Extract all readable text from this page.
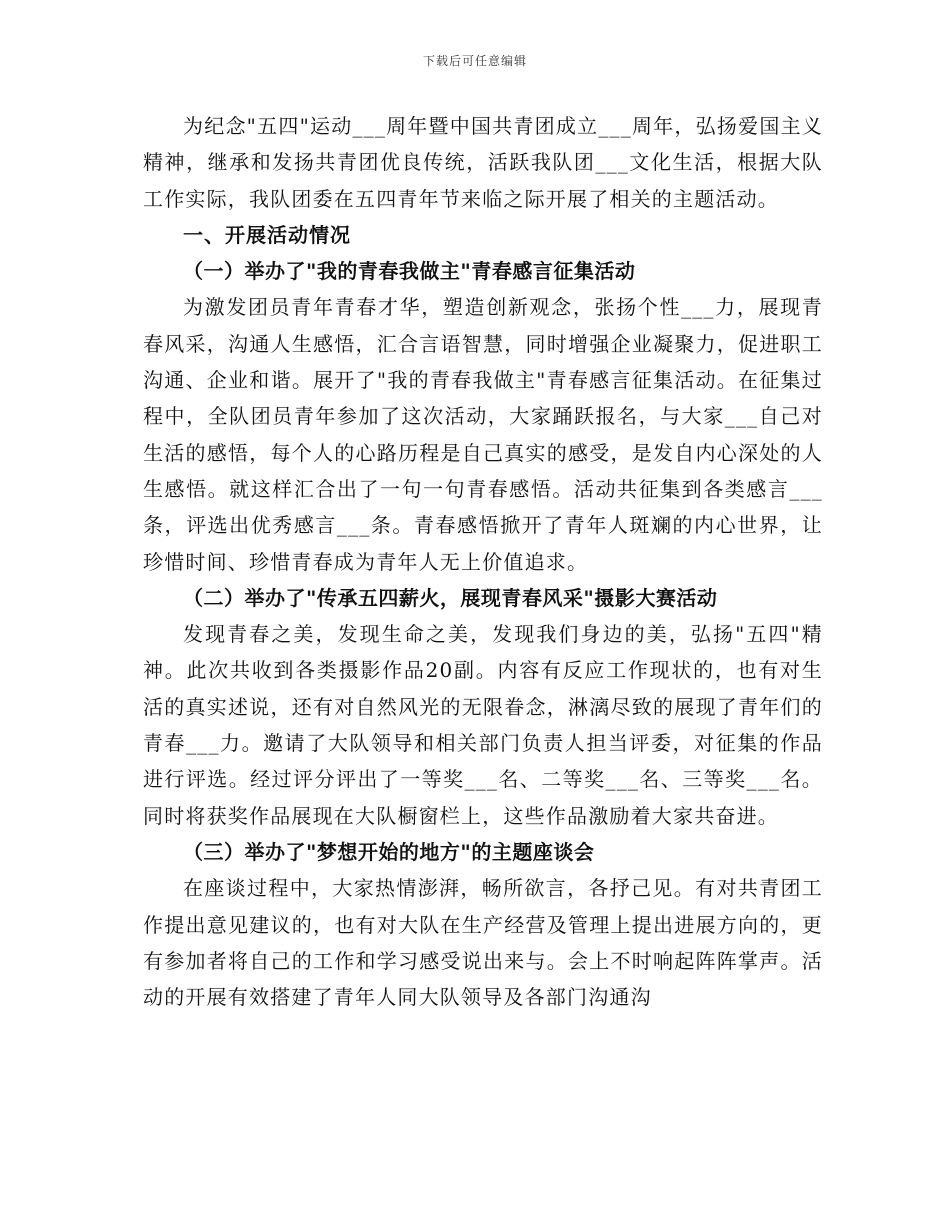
下载后可任意编辑

为纪念"五四"运动___周年暨中国共青团成立___周年，弘扬爱国主义精神，继承和发扬共青团优良传统，活跃我队团___文化生活，根据大队工作实际，我队团委在五四青年节来临之际开展了相关的主题活动。

一、开展活动情况

（一）举办了"我的青春我做主"青春感言征集活动

为激发团员青年青春才华，塑造创新观念，张扬个性___力，展现青春风采，沟通人生感悟，汇合言语智慧，同时增强企业凝聚力，促进职工沟通、企业和谐。展开了"我的青春我做主"青春感言征集活动。在征集过程中，全队团员青年参加了这次活动，大家踊跃报名，与大家___自己对生活的感悟，每个人的心路历程是自己真实的感受，是发自内心深处的人生感悟。就这样汇合出了一句一句青春感悟。活动共征集到各类感言___条，评选出优秀感言___条。青春感悟掀开了青年人斑斓的内心世界，让珍惜时间、珍惜青春成为青年人无上价值追求。

（二）举办了"传承五四薪火，展现青春风采"摄影大赛活动

发现青春之美，发现生命之美，发现我们身边的美，弘扬"五四"精神。此次共收到各类摄影作品20副。内容有反应工作现状的，也有对生活的真实述说，还有对自然风光的无限眷念，淋漓尽致的展现了青年们的青春___力。邀请了大队领导和相关部门负责人担当评委，对征集的作品进行评选。经过评分评出了一等奖___名、二等奖___名、三等奖___名。同时将获奖作品展现在大队橱窗栏上，这些作品激励着大家共奋进。

（三）举办了"梦想开始的地方"的主题座谈会

在座谈过程中，大家热情澎湃，畅所欲言，各抒己见。有对共青团工作提出意见建议的，也有对大队在生产经营及管理上提出进展方向的，更有参加者将自己的工作和学习感受说出来与。会上不时响起阵阵掌声。活动的开展有效搭建了青年人同大队领导及各部门沟通沟
